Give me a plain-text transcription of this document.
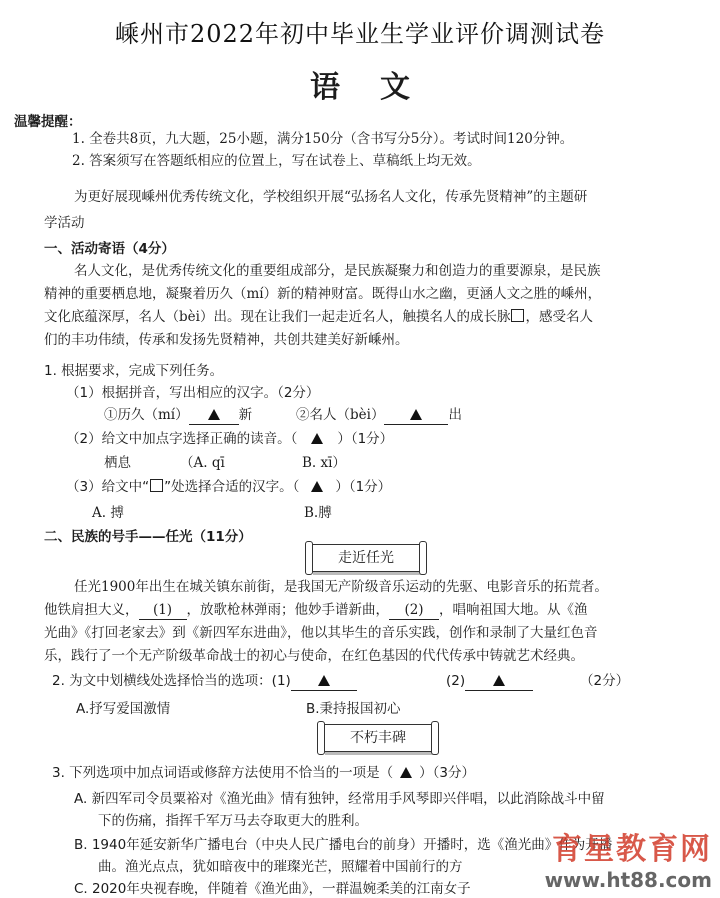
嵊州市2022年初中毕业生学业评价调测试卷
语文
温馨提醒：
1. 全卷共8页，九大题，25小题，满分150分（含书写分5分）。考试时间120分钟。
2. 答案须写在答题纸相应的位置上，写在试卷上、草稿纸上均无效。
为更好展现嵊州优秀传统文化，学校组织开展“弘扬名人文化，传承先贤精神”的主题研
学活动
一、活动寄语（4分）
名人文化，是优秀传统文化的重要组成部分，是民族凝聚力和创造力的重要源泉，是民族
精神的重要栖息地，凝聚着历久（mí）新的精神财富。既得山水之幽，更涵人文之胜的嵊州，
文化底蕴深厚，名人（bèi）出。现在让我们一起走近名人，触摸名人的成长脉 ，感受名人
们的丰功伟绩，传承和发扬先贤精神，共创共建美好新嵊州。
1. 根据要求，完成下列任务。
（1）根据拼音，写出相应的汉字。（2分）
①历久（mí）	新	②名人（bèi）	出
（2）给文中加点字选择正确的读音。（	）（1分）
栖息	（A. qī	B. xī）
（3）给文中“ ”处选择合适的汉字。（	）（1分）
A. 搏	B.膊
二、民族的号手——任光（11分）
走近任光
任光1900年出生在城关镇东前街，是我国无产阶级音乐运动的先驱、电影音乐的拓荒者。
他铁肩担大义， (1) ，放歌枪林弹雨；他妙手谱新曲， (2) ，唱响祖国大地。从《渔
光曲》《打回老家去》到《新四军东进曲》，他以其毕生的音乐实践，创作和录制了大量红色音
乐，践行了一个无产阶级革命战士的初心与使命，在红色基因的代代传承中铸就艺术经典。
2. 为文中划横线处选择恰当的选项：(1)	(2)	（2分）
A.抒写爱国激情	B.秉持报国初心
不朽丰碑
3. 下列选项中加点词语或修辞方法使用不恰当的一项是（ ）（3分）
A. 新四军司令员粟裕对《渔光曲》情有独钟，经常用手风琴即兴伴唱，以此消除战斗中留
下的伤痛，指挥千军万马去夺取更大的胜利。
B. 1940年延安新华广播电台（中央人民广播电台的前身）开播时，选《渔光曲》作为开播
曲。渔光点点，犹如暗夜中的璀璨光芒，照耀着中国前行的方
C. 2020年央视春晚，伴随着《渔光曲》，一群温婉柔美的江南女子
育星教育网
www.ht88.com
